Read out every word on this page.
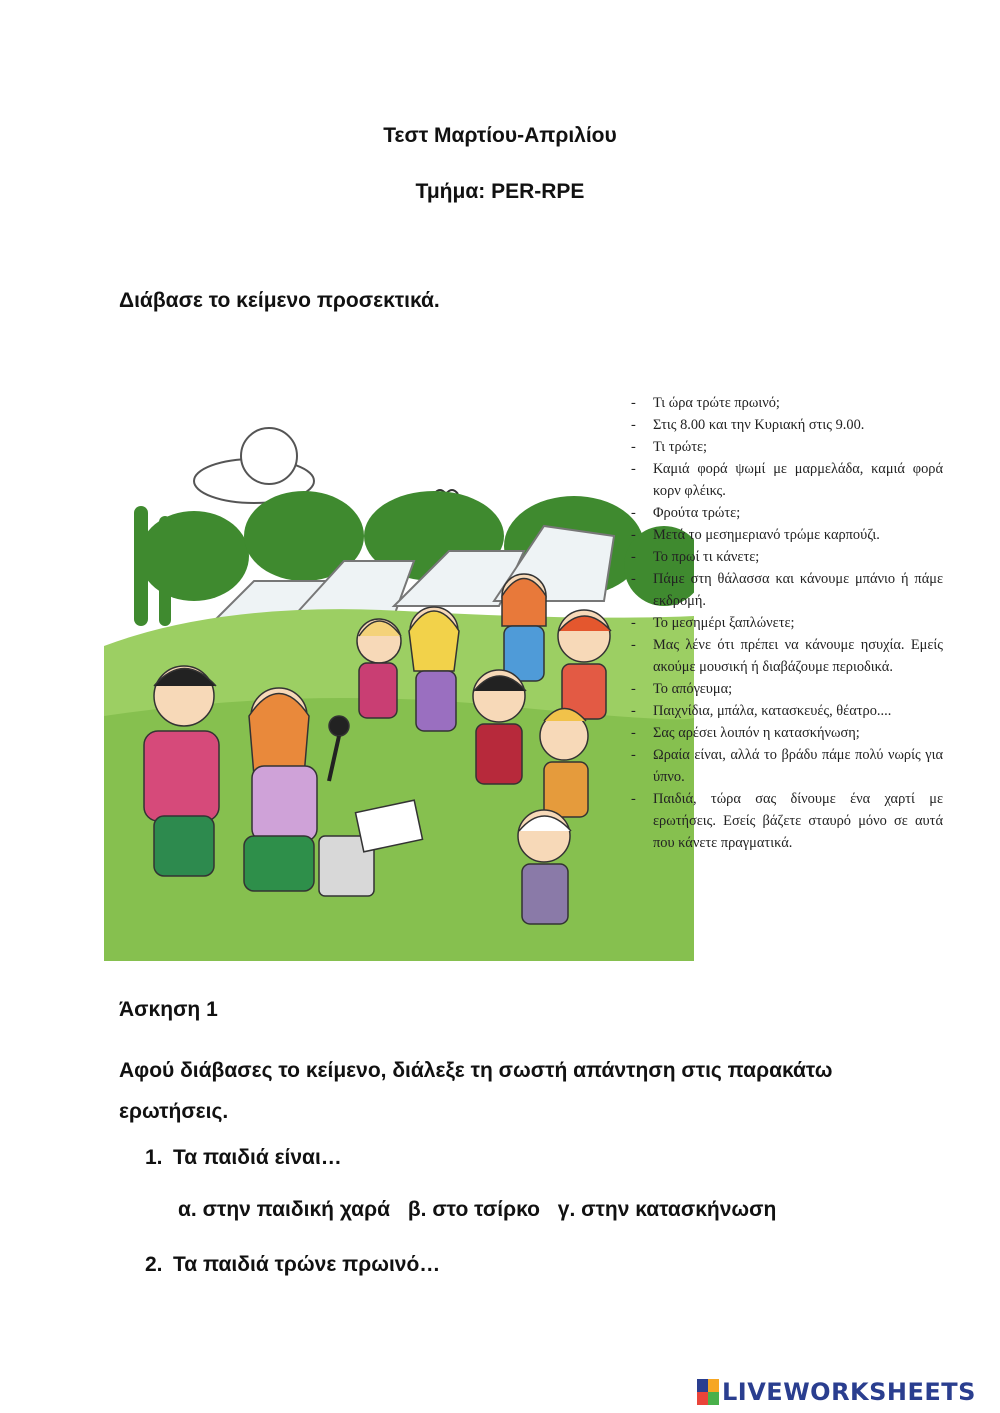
Τεστ Μαρτίου-Απριλίου
Τμήμα: PER-RPE
Διάβασε το κείμενο προσεκτικά.
- Τι ώρα τρώτε πρωινό;
- Στις 8.00 και την Κυριακή στις 9.00.
- Τι τρώτε;
- Καμιά φορά ψωμί με μαρμελάδα, καμιά φορά κορν φλέικς.
- Φρούτα τρώτε;
- Μετά το μεσημεριανό τρώμε καρπούζι.
- Το πρωί τι κάνετε;
- Πάμε στη θάλασσα και κάνουμε μπάνιο ή πάμε εκδρομή.
- Το μεσημέρι ξαπλώνετε;
- Μας λένε ότι πρέπει να κάνουμε ησυχία. Εμείς ακούμε μουσική ή διαβάζουμε περιοδικά.
- Το απόγευμα;
- Παιχνίδια, μπάλα, κατασκευές, θέατρο....
- Σας αρέσει λοιπόν η κατασκήνωση;
- Ωραία είναι, αλλά το βράδυ πάμε πολύ νωρίς για ύπνο.
- Παιδιά, τώρα σας δίνουμε ένα χαρτί με ερωτήσεις. Εσείς βάζετε σταυρό μόνο σε αυτά που κάνετε πραγματικά.
Άσκηση 1
Αφού διάβασες το κείμενο, διάλεξε τη σωστή απάντηση στις παρακάτω ερωτήσεις.
1. Τα παιδιά είναι…
α. στην παιδική χαρά β. στο τσίρκο γ. στην κατασκήνωση
2. Τα παιδιά τρώνε πρωινό…
LIVEWORKSHEETS
